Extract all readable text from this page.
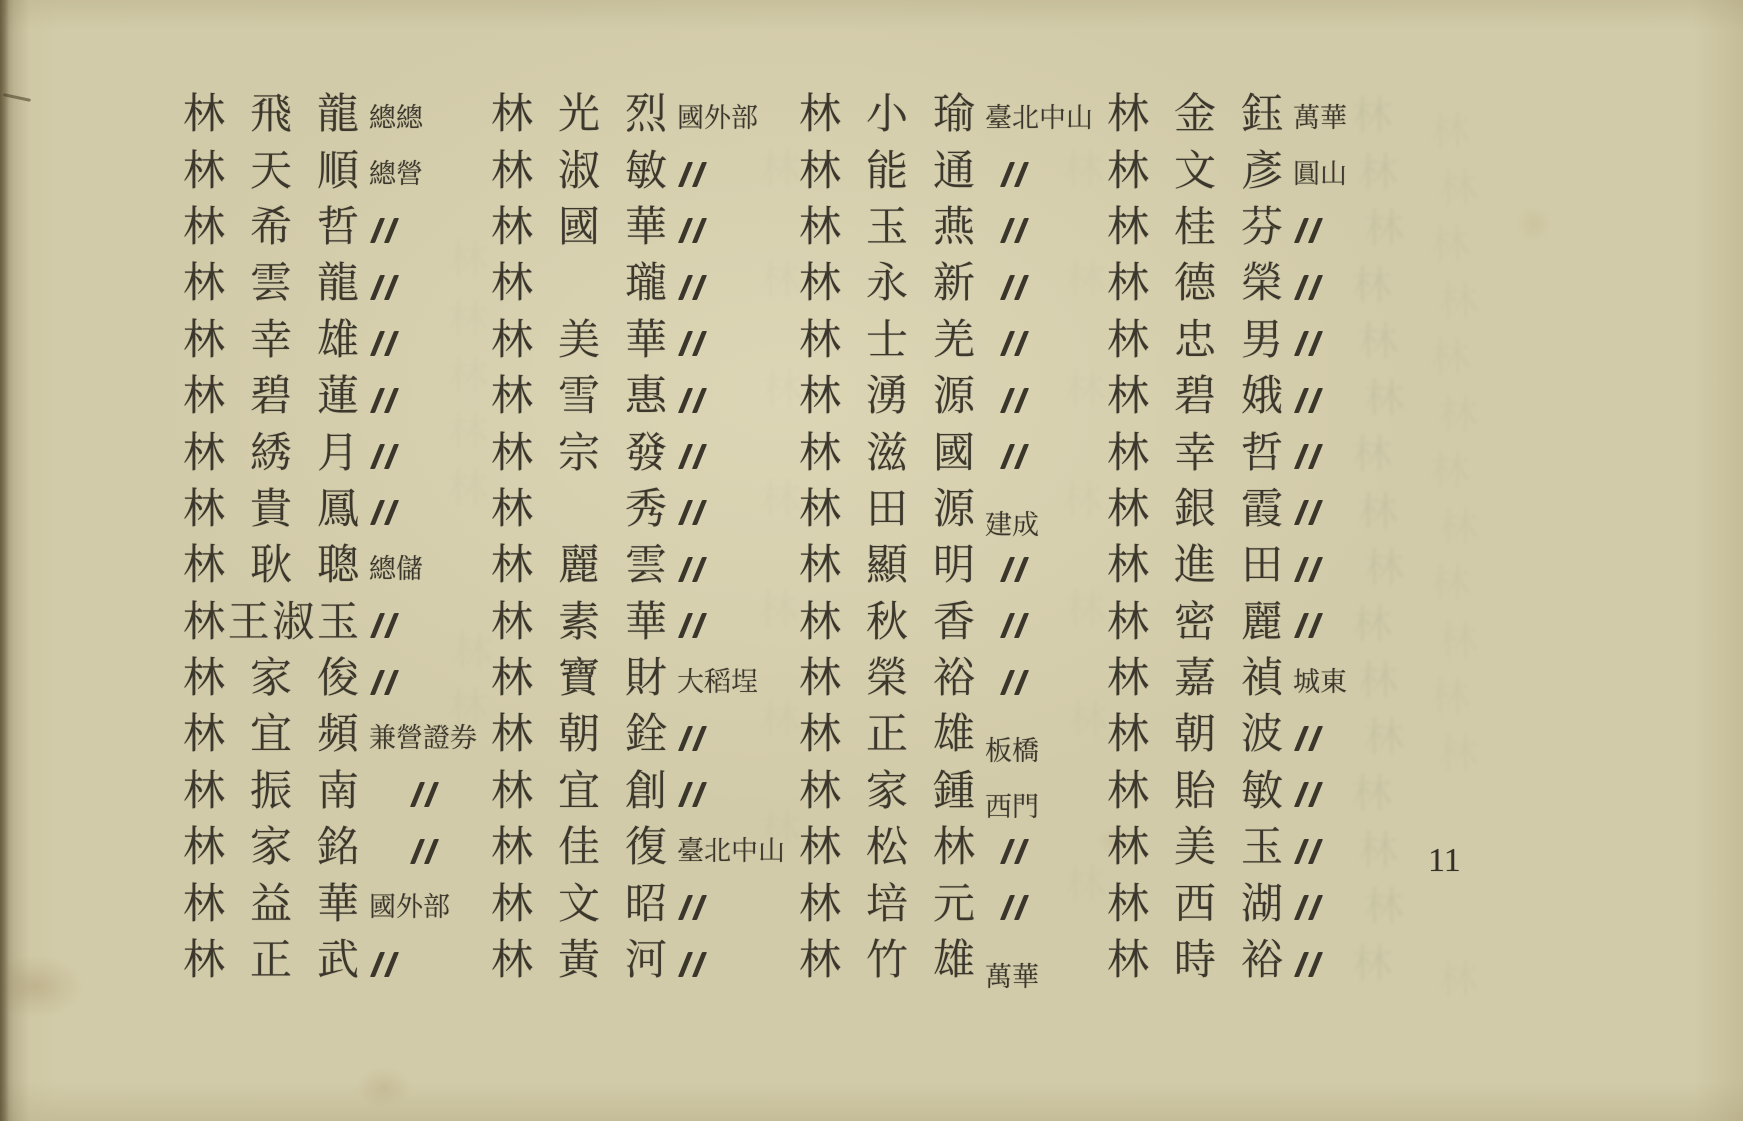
林
林
林
林
林
林
林
林
林
林
林
林
林
林
林
林
林
林
林
林
林
林
林
林
林
林
林
林
林
林
林
林
林
林
林
林
林
林
林
林
林
林
林
林
林
林
林
林
林
林
林 飛 龍 總總
林 天 順 總營
林 希 哲
林 雲 龍
林 幸 雄
林 碧 蓮
林 綉 月
林 貴 鳳
林 耿 聰 總儲
林 王 淑 玉
林 家 俊
林 宜 頻 兼營證券
林 振 南
林 家 銘
林 益 華 國外部
林 正 武
林 光 烈 國外部
林 淑 敏
林 國 華
林 瓏
林 美 華
林 雪 惠
林 宗 發
林 秀
林 麗 雲
林 素 華
林 寶 財 大稻埕
林 朝 銓
林 宜 創
林 佳 復 臺北中山
林 文 昭
林 黃 河
林 小 瑜 臺北中山
林 能 通
林 玉 燕
林 永 新
林 士 羌
林 湧 源
林 滋 國
林 田 源 建成
林 顯 明
林 秋 香
林 榮 裕
林 正 雄 板橋
林 家 鍾 西門
林 松 林
林 培 元
林 竹 雄 萬華
林 金 鈺 萬華
林 文 彥 圓山
林 桂 芬
林 德 榮
林 忠 男
林 碧 娥
林 幸 哲
林 銀 霞
林 進 田
林 密 麗
林 嘉 禎 城東
林 朝 波
林 貽 敏
林 美 玉
林 西 湖
林 時 裕
11
